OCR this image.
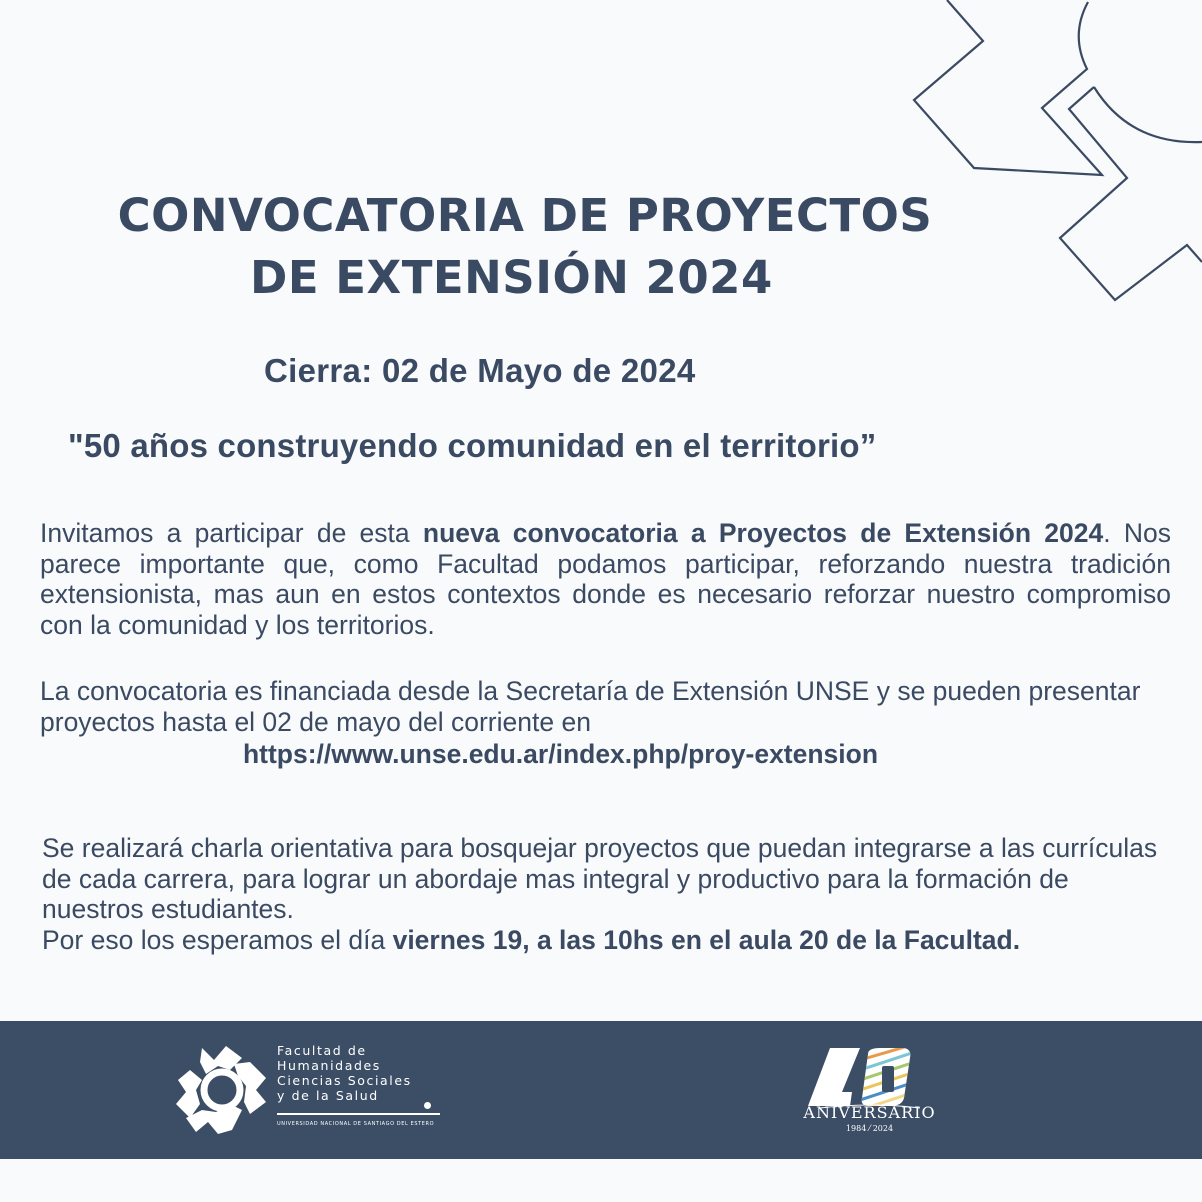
CONVOCATORIA DE PROYECTOS
DE EXTENSIÓN 2024
Cierra: 02 de Mayo de 2024
"50 años construyendo comunidad en el territorio”
Invitamos a participar de esta nueva convocatoria a Proyectos de Extensión 2024. Nos parece importante que, como Facultad podamos participar, reforzando nuestra tradición extensionista, mas aun en estos contextos donde es necesario reforzar nuestro compromiso con la comunidad y los territorios.
La convocatoria es financiada desde la Secretaría de Extensión UNSE y se pueden presentar proyectos hasta el 02 de mayo del corriente en
https://www.unse.edu.ar/index.php/proy-extension
Se realizará charla orientativa para bosquejar proyectos que puedan integrarse a las currículas de cada carrera, para lograr un abordaje mas integral y productivo para la formación de nuestros estudiantes.
Por eso los esperamos el día viernes 19, a las 10hs en el aula 20 de la Facultad.
Facultad de
Humanidades
Ciencias Sociales
y de la Salud
UNIVERSIDAD NACIONAL DE SANTIAGO DEL ESTERO
ANIVERSARIO
1984 ⁄ 2024
